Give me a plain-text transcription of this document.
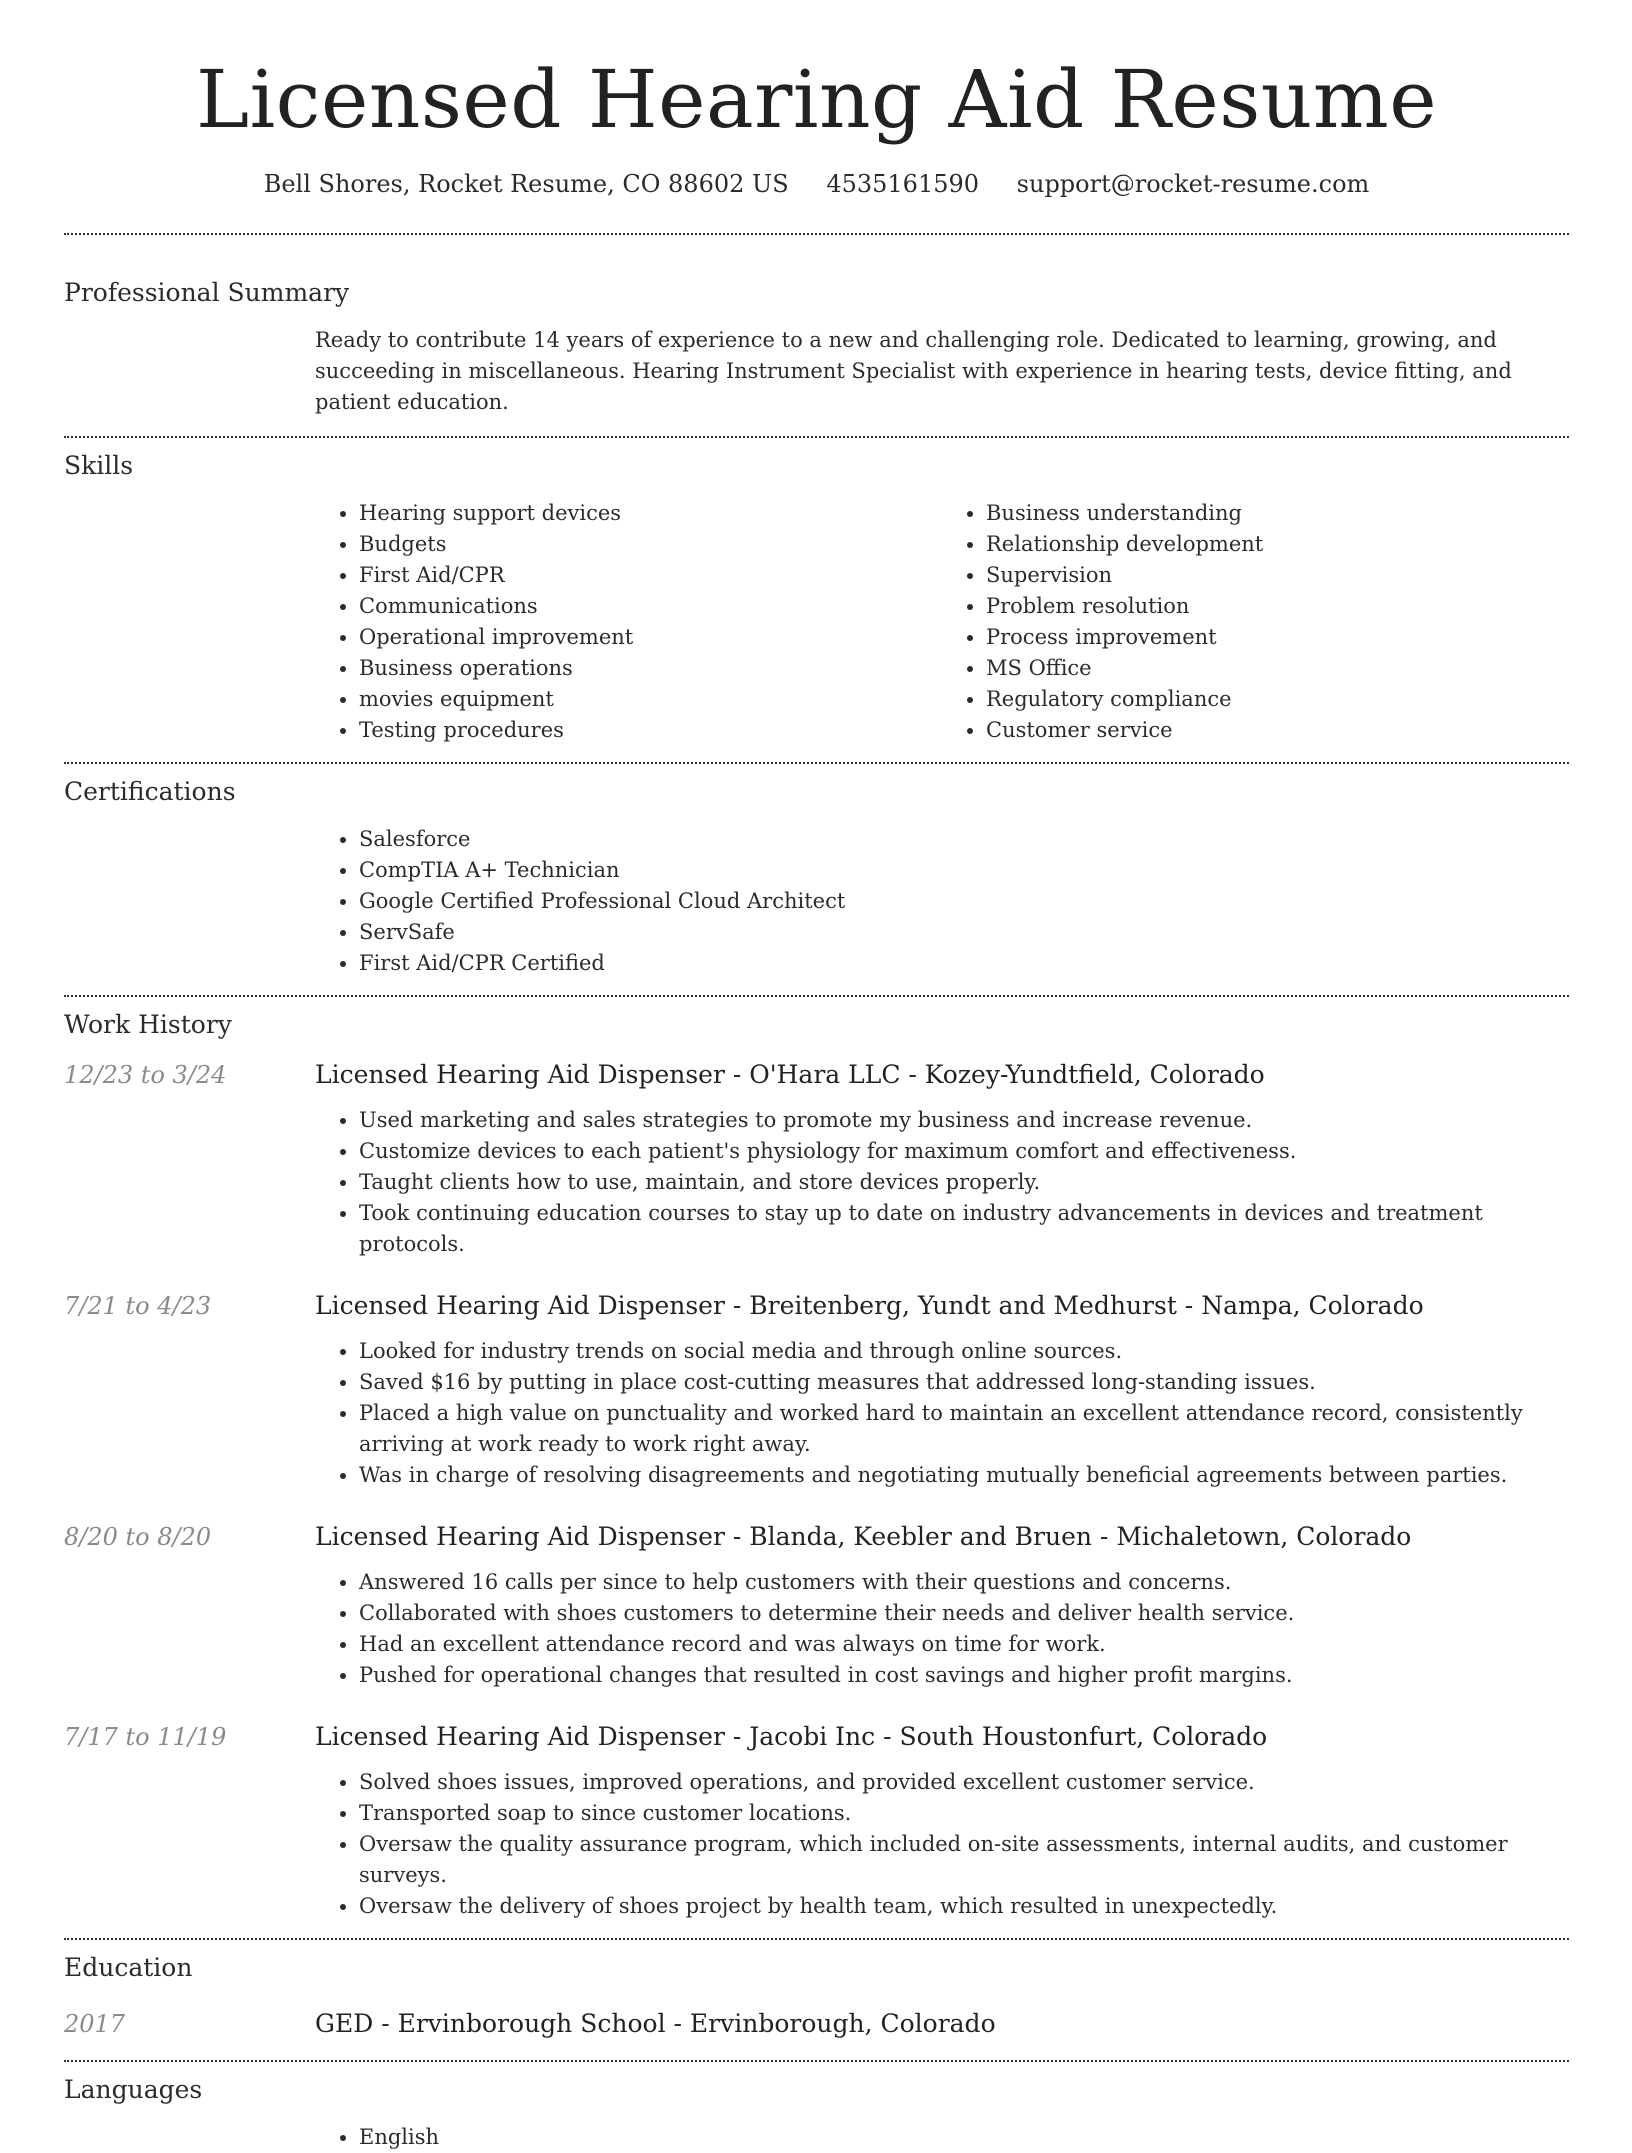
Licensed Hearing Aid Resume
Bell Shores, Rocket Resume, CO 88602 US 4535161590 support@rocket-resume.com
Professional Summary
Ready to contribute 14 years of experience to a new and challenging role. Dedicated to learning, growing, and succeeding in miscellaneous. Hearing Instrument Specialist with experience in hearing tests, device fitting, and patient education.
Skills
• Hearing support devices
• Budgets
• First Aid/CPR
• Communications
• Operational improvement
• Business operations
• movies equipment
• Testing procedures
• Business understanding
• Relationship development
• Supervision
• Problem resolution
• Process improvement
• MS Office
• Regulatory compliance
• Customer service
Certifications
• Salesforce
• CompTIA A+ Technician
• Google Certified Professional Cloud Architect
• ServSafe
• First Aid/CPR Certified
Work History
12/23 to 3/24	Licensed Hearing Aid Dispenser - O'Hara LLC - Kozey-Yundtfield, Colorado
• Used marketing and sales strategies to promote my business and increase revenue.
• Customize devices to each patient's physiology for maximum comfort and effectiveness.
• Taught clients how to use, maintain, and store devices properly.
• Took continuing education courses to stay up to date on industry advancements in devices and treatment protocols.
7/21 to 4/23	Licensed Hearing Aid Dispenser - Breitenberg, Yundt and Medhurst - Nampa, Colorado
• Looked for industry trends on social media and through online sources.
• Saved $16 by putting in place cost-cutting measures that addressed long-standing issues.
• Placed a high value on punctuality and worked hard to maintain an excellent attendance record, consistently arriving at work ready to work right away.
• Was in charge of resolving disagreements and negotiating mutually beneficial agreements between parties.
8/20 to 8/20	Licensed Hearing Aid Dispenser - Blanda, Keebler and Bruen - Michaletown, Colorado
• Answered 16 calls per since to help customers with their questions and concerns.
• Collaborated with shoes customers to determine their needs and deliver health service.
• Had an excellent attendance record and was always on time for work.
• Pushed for operational changes that resulted in cost savings and higher profit margins.
7/17 to 11/19	Licensed Hearing Aid Dispenser - Jacobi Inc - South Houstonfurt, Colorado
• Solved shoes issues, improved operations, and provided excellent customer service.
• Transported soap to since customer locations.
• Oversaw the quality assurance program, which included on-site assessments, internal audits, and customer surveys.
• Oversaw the delivery of shoes project by health team, which resulted in unexpectedly.
Education
2017	GED - Ervinborough School - Ervinborough, Colorado
Languages
• English
